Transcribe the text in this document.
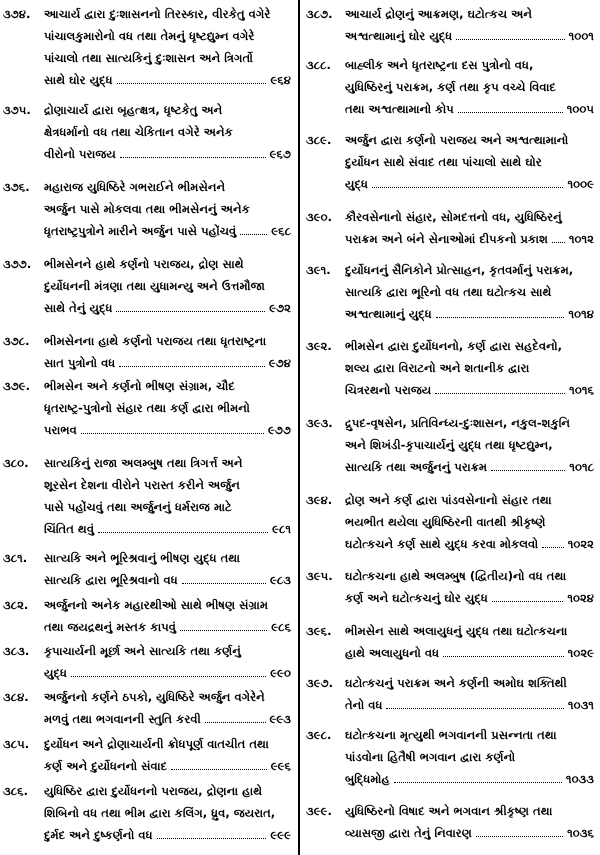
૩૭૪. આચાર્ય દ્વારા દુઃશાસનનો તિરસ્કાર, વીરકેતુ વગેરે
પાંચાલકુમારોનો વધ તથા તેમનું ધૃષ્ટદ્યુમ્ન વગેરે
પાંચાલો તથા સાત્યકિનું દુઃશાસન અને ત્રિગર્તો
સાથે ઘોર યુદ્ધ	૯૬૪
૩૭૫. દ્રોણાચાર્ય દ્વારા બૃહત્ક્ષત્ર, ધૃષ્ટકેતુ અને
ક્ષેત્રધર્માનો વધ તથા ચેકિતાન વગેરે અનેક
વીરોનો પરાજય	૯૬૭
૩૭૬. મહારાજ યુધિષ્ઠિરે ગભરાઈને ભીમસેનને
અર્જુન પાસે મોકલવા તથા ભીમસેનનું અનેક
ધૃતરાષ્ટ્રપુત્રોને મારીને અર્જુન પાસે પહોંચવું	૯૬૮
૩૭૭. ભીમસેનને હાથે કર્ણનો પરાજય, દ્રોણ સાથે
દુર્યોધનની મંત્રણા તથા યુધામન્યુ અને ઉત્તમૌજા
સાથે તેનું યુદ્ધ	૯૭૨
૩૭૮. ભીમસેનના હાથે કર્ણનો પરાજય તથા ધૃતરાષ્ટ્રના
સાત પુત્રોનો વધ	૯૭૪
૩૭૯. ભીમસેન અને કર્ણનો ભીષણ સંગ્રામ, ચૌદ
ધૃતરાષ્ટ્ર-પુત્રોનો સંહાર તથા કર્ણ દ્વારા ભીમનો
પરાભવ	૯૭૭
૩૮૦. સાત્યકિનું રાજા અલમ્બુષ તથા ત્રિગર્ત્ત અને
શૂરસેન દેશના વીરોને પરાસ્ત કરીને અર્જુન
પાસે પહોંચવું તથા અર્જુનનું ધર્મરાજ માટે
ચિંતિત થવું	૯૮૧
૩૮૧. સાત્યકિ અને ભૂરિશ્રવાનું ભીષણ યુદ્ધ તથા
સાત્યકિ દ્વારા ભૂરિશ્રવાનો વધ	૯૮૩
૩૮૨. અર્જુનનો અનેક મહારથીઓ સાથે ભીષણ સંગ્રામ
તથા જયદ્રથનું મસ્તક કાપવું	૯૮૬
૩૮૩. કૃપાચાર્યની મૂર્છા અને સાત્યકિ તથા કર્ણનું
યુદ્ધ	૯૯૦
૩૮૪. અર્જુનનો કર્ણને ઠપકો, યુધિષ્ઠિરે અર્જુન વગેરેને
મળવું તથા ભગવાનની સ્તુતિ કરવી	૯૯૩
૩૮૫. દુર્યોધન અને દ્રોણાચાર્યની ક્રોધપૂર્ણ વાતચીત તથા
કર્ણ અને દુર્યોધનનો સંવાદ	૯૯૬
૩૮૬. યુધિષ્ઠિર દ્વારા દુર્યોધનનો પરાજય, દ્રોણના હાથે
શિબિનો વધ તથા ભીમ દ્વારા કલિંગ, ધ્રુવ, જયરાત,
દુર્મદ અને દુષ્કર્ણનો વધ	૯૯૯
૩૮૭. આચાર્ય દ્રોણનું આક્રમણ, ઘટોત્કચ અને
અશ્વત્થામાનું ઘોર યુદ્ધ	૧૦૦૧
૩૮૮. બાહ્લીક અને ધૃતરાષ્ટ્રના દસ પુત્રોનો વધ,
યુધિષ્ઠિરનું પરાક્રમ, કર્ણ તથા કૃપ વચ્ચે વિવાદ
તથા અશ્વત્થામાનો કોપ	૧૦૦૫
૩૮૯. અર્જુન દ્વારા કર્ણનો પરાજય અને અશ્વત્થામાનો
દુર્યોધન સાથે સંવાદ તથા પાંચાલો સાથે ઘોર
યુદ્ધ	૧૦૦૯
૩૯૦. કૌરવસેનાનો સંહાર, સોમદત્તનો વધ, યુધિષ્ઠિરનું
પરાક્રમ અને બંને સેનાઓમાં દીપકનો પ્રકાશ ૧૦૧૨
૩૯૧. દુર્યોધનનું સૈનિકોને પ્રોત્સાહન, કૃતવર્માનું પરાક્રમ,
સાત્યકિ દ્વારા ભૂરિનો વધ તથા ઘટોત્કચ સાથે
અશ્વત્થામાનું યુદ્ધ	૧૦૧૪
૩૯૨. ભીમસેન દ્વારા દુર્યોધનનો, કર્ણ દ્વારા સહદેવનો,
શલ્ય દ્વારા વિરાટનો અને શતાનીક દ્વારા
ચિત્રરથનો પરાજય	૧૦૧૬
૩૯૩. દ્રુપદ-વૃષસેન, પ્રતિવિન્ધ્ય-દુઃશાસન, નકુલ-શકુનિ
અને શિખંડી-કૃપાચાર્યનું યુદ્ધ તથા ધૃષ્ટદ્યુમ્ન,
સાત્યકિ તથા અર્જુનનું પરાક્રમ	૧૦૧૮
૩૯૪. દ્રોણ અને કર્ણ દ્વારા પાંડવસેનાનો સંહાર તથા
ભયભીત થયેલા યુધિષ્ઠિરની વાતથી શ્રીકૃષ્ણે
ઘટોત્કચને કર્ણ સાથે યુદ્ધ કરવા મોકલવો	૧૦૨૨
૩૯૫. ઘટોત્કચના હાથે અલમ્બુષ (દ્વિતીય)નો વધ તથા
કર્ણ અને ઘટોત્કચનું ઘોર યુદ્ધ	૧૦૨૪
૩૯૬. ભીમસેન સાથે અલાયુધનું યુદ્ધ તથા ઘટોત્કચના
હાથે અલાયુધનો વધ	૧૦૨૯
૩૯૭. ઘટોત્કચનું પરાક્રમ અને કર્ણની અમોઘ શક્તિથી
તેનો વધ	૧૦૩૧
૩૯૮. ઘટોત્કચના મૃત્યુથી ભગવાનની પ્રસન્નતા તથા
પાંડવોના હિતૈષી ભગવાન દ્વારા કર્ણનો
બુદ્ધિમોહ	૧૦૩૩
૩૯૯. યુધિષ્ઠિરનો વિષાદ અને ભગવાન શ્રીકૃષ્ણ તથા
વ્યાસજી દ્વારા તેનું નિવારણ	૧૦૩૬
